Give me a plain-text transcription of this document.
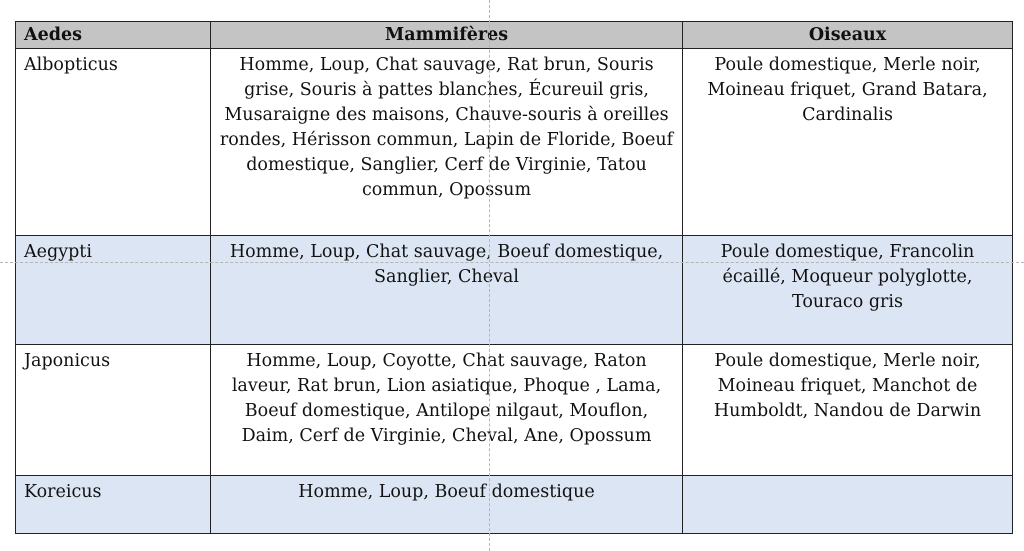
Aedes	Mammifères	Oiseaux
Albopticus	Homme, Loup, Chat sauvage, Rat brun, Souris grise, Souris à pattes blanches, Écureuil gris, Musaraigne des maisons, Chauve-souris à oreilles rondes, Hérisson commun, Lapin de Floride, Boeuf domestique, Sanglier, Cerf de Virginie, Tatou commun, Opossum	Poule domestique, Merle noir, Moineau friquet, Grand Batara, Cardinalis
Aegypti	Homme, Loup, Chat sauvage, Boeuf domestique, Sanglier, Cheval	Poule domestique, Francolin écaillé, Moqueur polyglotte, Touraco gris
Japonicus	Homme, Loup, Coyotte, Chat sauvage, Raton laveur, Rat brun, Lion asiatique, Phoque , Lama, Boeuf domestique, Antilope nilgaut, Mouflon, Daim, Cerf de Virginie, Cheval, Ane, Opossum	Poule domestique, Merle noir, Moineau friquet, Manchot de Humboldt, Nandou de Darwin
Koreicus	Homme, Loup, Boeuf domestique	
